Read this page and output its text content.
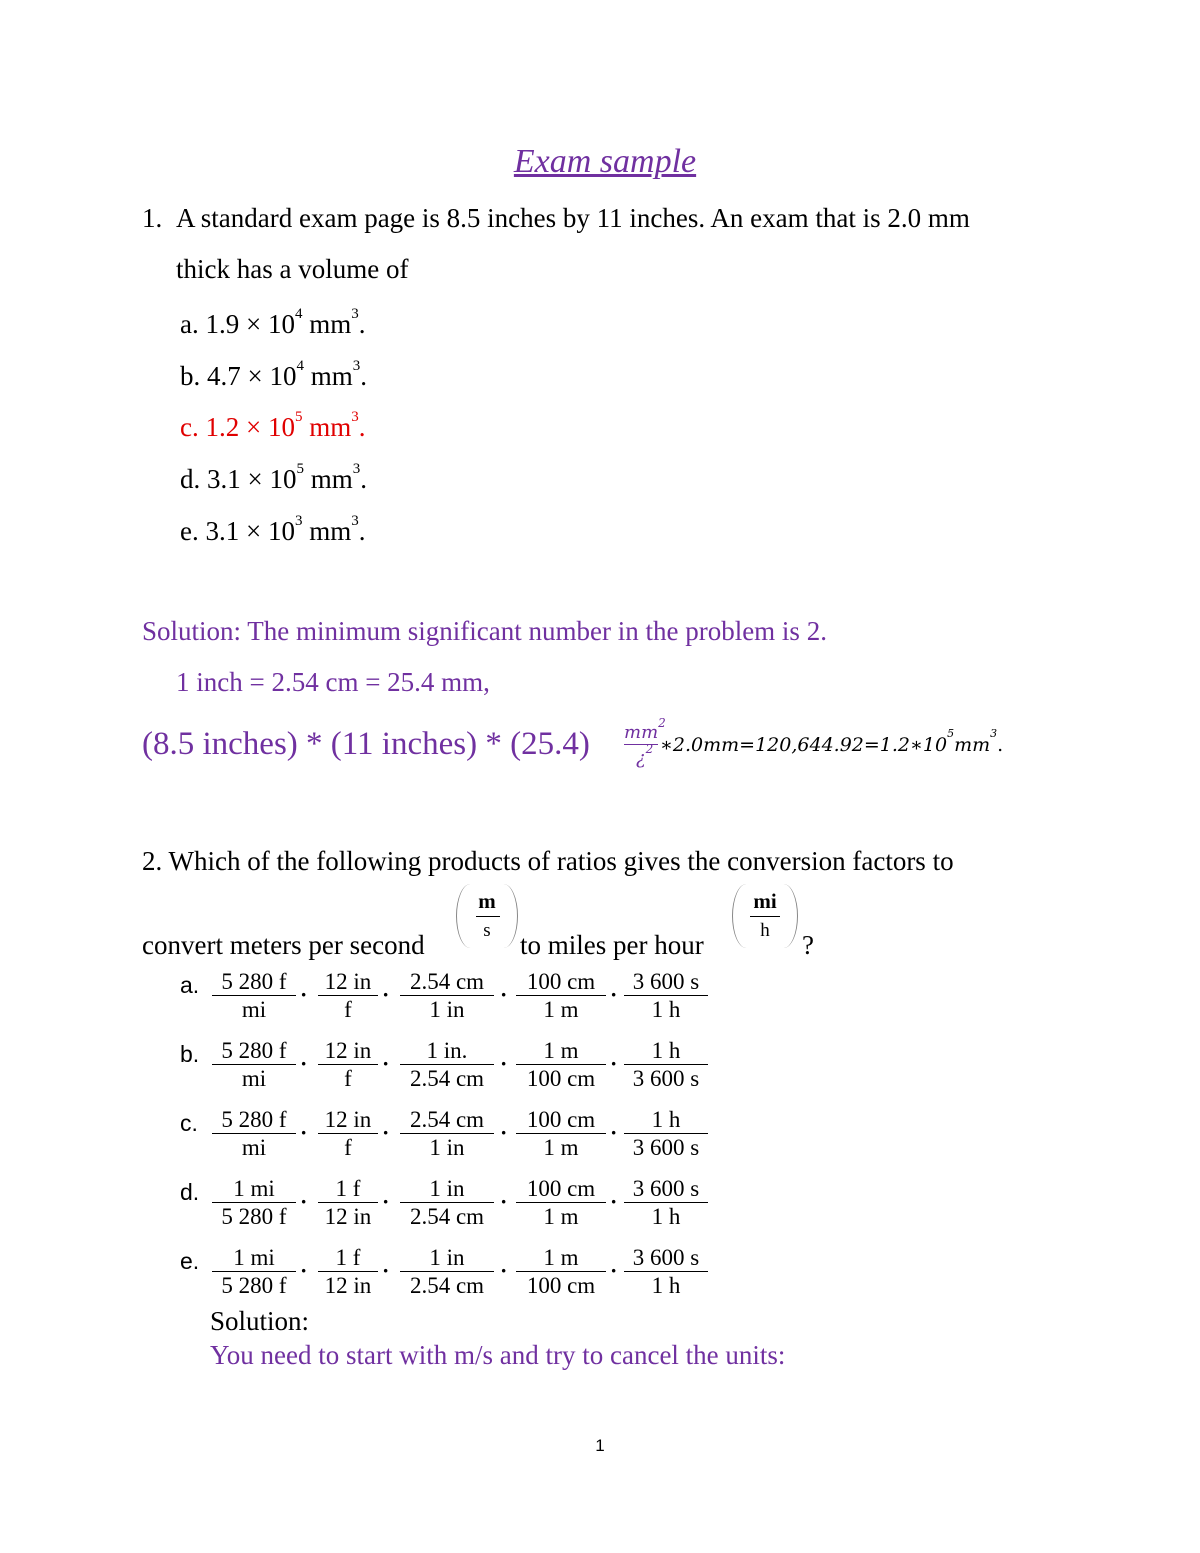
Exam sample
1. A standard exam page is 8.5 inches by 11 inches. An exam that is 2.0 mm
thick has a volume of
a. $1.9 \times 10^4$ $mm^3$.
b. $4.7 \times 10^4$ $mm^3$.
c. $1.2 \times 10^5$ $mm^3$.
d. $3.1 \times 10^5$ $mm^3$.
e. $3.1 \times 10^3$ $mm^3$.
Solution: The minimum significant number in the problem is 2.
1 inch = 2.54 cm = 25.4 mm,
(8.5 inches) * (11 inches) * (25.4) $mm^2$
¿$^2$ $∗2.0mm=120,644.92=1.2∗10^5mm^3$.
2. Which of the following products of ratios gives the conversion factors to
convert meters per second
m
s	to miles per hour
mi
h	?
a. $\frac{5 280 f}{mi} \frac{12 in}{f} \frac{2.54 cm}{1 in} \frac{100 cm}{1 m} \frac{3 600 s}{1 h}$
·	·	·	·
b. $\frac{5 280 f}{mi} \frac{12 in}{f} \frac{1 in.}{2.54 cm} \frac{1 m}{100 cm} \frac{1 h}{3 600 s}$
·	·	·	·
c. $\frac{5 280 f}{mi} \frac{12 in}{f} \frac{2.54 cm}{1 in} \frac{100 cm}{1 m} \frac{1 h}{3 600 s}$
·	·	·	·
d. $\frac{1 mi}{5 280 f} \frac{1 f}{12 in} \frac{1 in}{2.54 cm} \frac{100 cm}{1 m} \frac{3 600 s}{1 h}$
·	·	·	·
e. $\frac{1 mi}{5 280 f} \frac{1 f}{12 in} \frac{1 in}{2.54 cm} \frac{1 m}{100 cm} \frac{3 600 s}{1 h}$
·	·	·	·
Solution:
You need to start with m/s and try to cancel the units:
1
